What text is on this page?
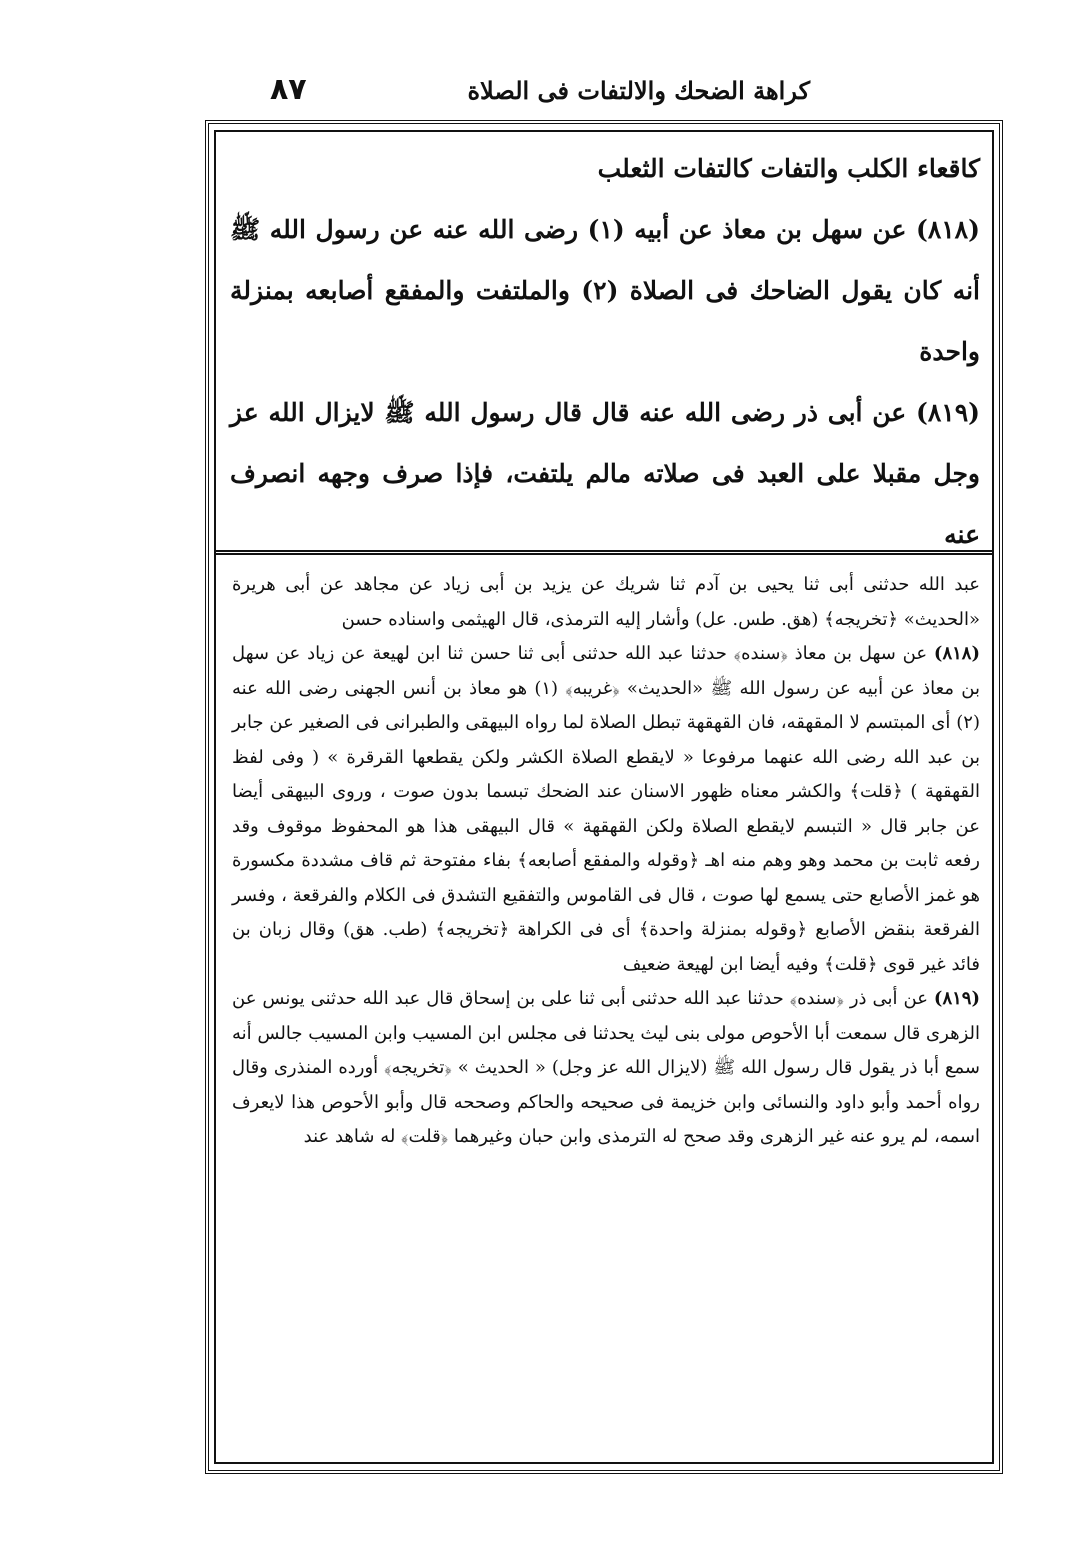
٨٧	كراهة الضحك والالتفات فى الصلاة

كاقعاء الكلب والتفات كالتفات الثعلب

(٨١٨) عن سهل بن معاذ عن أبيه (١) رضى الله عنه عن رسول الله ﷺ أنه كان يقول الضاحك فى الصلاة (٢) والملتفت والمفقع أصابعه بمنزلة واحدة

(٨١٩) عن أبى ذر رضى الله عنه قال قال رسول الله ﷺ لايزال الله عز وجل مقبلا على العبد فى صلاته مالم يلتفت، فإذا صرف وجهه انصرف عنه

عبد الله حدثنى أبى ثنا يحيى بن آدم ثنا شريك عن يزيد بن أبى زياد عن مجاهد عن أبى هريرة «الحديث» ﴿تخريجه﴾ (هق. طس. عل) وأشار إليه الترمذى، قال الهيثمى واسناده حسن

(٨١٨) عن سهل بن معاذ ﴿سنده﴾ حدثنا عبد الله حدثنى أبى ثنا حسن ثنا ابن لهيعة عن زياد عن سهل بن معاذ عن أبيه عن رسول الله ﷺ «الحديث» ﴿غريبه﴾ (١) هو معاذ بن أنس الجهنى رضى الله عنه (٢) أى المبتسم لا المقهقه، فان القهقهة تبطل الصلاة لما رواه البيهقى والطبرانى فى الصغير عن جابر بن عبد الله رضى الله عنهما مرفوعا « لايقطع الصلاة الكشر ولكن يقطعها القرقرة » ( وفى لفظ القهقهة ) ﴿قلت﴾ والكشر معناه ظهور الاسنان عند الضحك تبسما بدون صوت ، وروى البيهقى أيضا عن جابر قال « التبسم لايقطع الصلاة ولكن القهقهة » قال البيهقى هذا هو المحفوظ موقوف وقد رفعه ثابت بن محمد وهو وهم منه اهـ ﴿وقوله والمفقع أصابعه﴾ بفاء مفتوحة ثم قاف مشددة مكسورة هو غمز الأصابع حتى يسمع لها صوت ، قال فى القاموس والتفقيع التشدق فى الكلام والفرقعة ، وفسر الفرقعة بنقض الأصابع ﴿وقوله بمنزلة واحدة﴾ أى فى الكراهة ﴿تخريجه﴾ (طب. هق) وقال زبان بن فائد غير قوى ﴿قلت﴾ وفيه أيضا ابن لهيعة ضعيف

(٨١٩) عن أبى ذر ﴿سنده﴾ حدثنا عبد الله حدثنى أبى ثنا على بن إسحاق قال عبد الله حدثنى يونس عن الزهرى قال سمعت أبا الأحوص مولى بنى ليث يحدثنا فى مجلس ابن المسيب وابن المسيب جالس أنه سمع أبا ذر يقول قال رسول الله ﷺ (لايزال الله عز وجل) « الحديث » ﴿تخريجه﴾ أورده المنذرى وقال رواه أحمد وأبو داود والنسائى وابن خزيمة فى صحيحه والحاكم وصححه قال وأبو الأحوص هذا لايعرف اسمه، لم يرو عنه غير الزهرى وقد صحح له الترمذى وابن حبان وغيرهما ﴿قلت﴾ له شاهد عند
